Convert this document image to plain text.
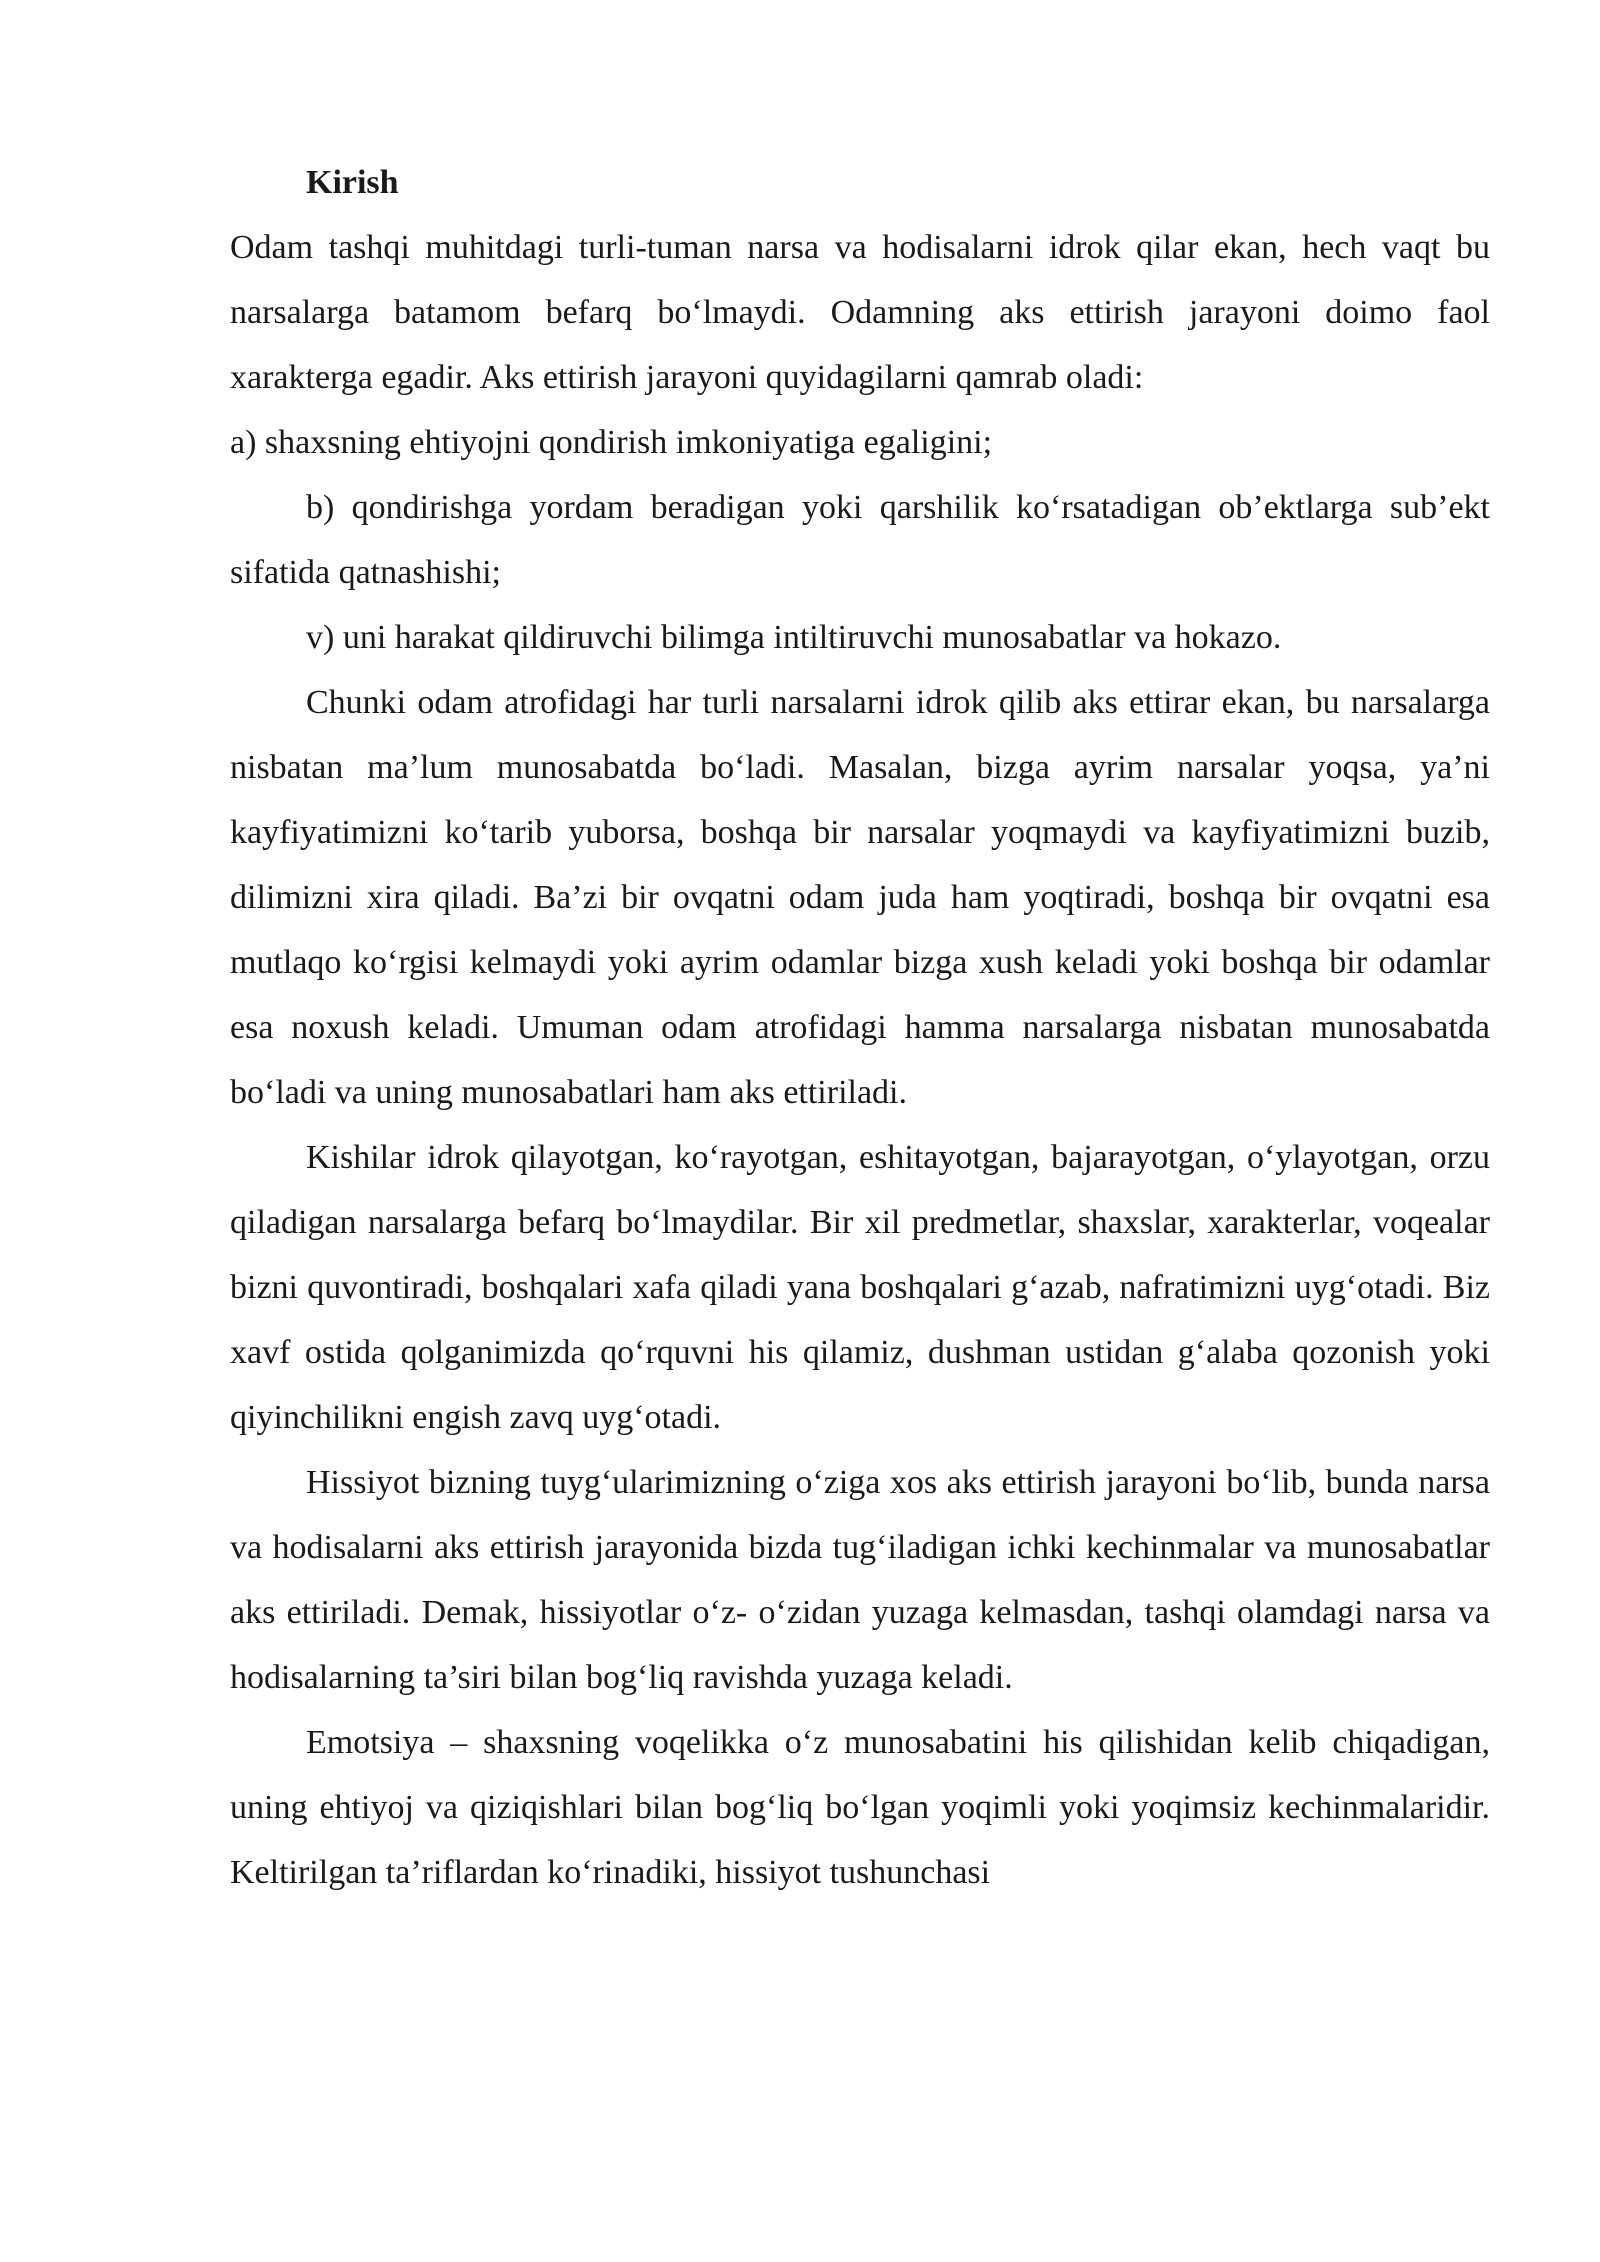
Kirish

Odam tashqi muhitdagi turli-tuman narsa va hodisalarni idrok qilar ekan, hech vaqt bu narsalarga batamom befarq bo‘lmaydi. Odamning aks ettirish jarayoni doimo faol xarakterga egadir. Aks ettirish jarayoni quyidagilarni qamrab oladi:

a) shaxsning ehtiyojni qondirish imkoniyatiga egaligini;

b) qondirishga yordam beradigan yoki qarshilik ko‘rsatadigan ob’ektlarga sub’ekt sifatida qatnashishi;

v) uni harakat qildiruvchi bilimga intiltiruvchi munosabatlar va hokazo.

Chunki odam atrofidagi har turli narsalarni idrok qilib aks ettirar ekan, bu narsalarga nisbatan ma’lum munosabatda bo‘ladi. Masalan, bizga ayrim narsalar yoqsa, ya’ni kayfiyatimizni ko‘tarib yuborsa, boshqa bir narsalar yoqmaydi va kayfiyatimizni buzib, dilimizni xira qiladi. Ba’zi bir ovqatni odam juda ham yoqtiradi, boshqa bir ovqatni esa mutlaqo ko‘rgisi kelmaydi yoki ayrim odamlar bizga xush keladi yoki boshqa bir odamlar esa noxush keladi. Umuman odam atrofidagi hamma narsalarga nisbatan munosabatda bo‘ladi va uning munosabatlari ham aks ettiriladi.

Kishilar idrok qilayotgan, ko‘rayotgan, eshitayotgan, bajarayotgan, o‘ylayotgan, orzu qiladigan narsalarga befarq bo‘lmaydilar. Bir xil predmetlar, shaxslar, xarakterlar, voqealar bizni quvontiradi, boshqalari xafa qiladi yana boshqalari g‘azab, nafratimizni uyg‘otadi. Biz xavf ostida qolganimizda qo‘rquvni his qilamiz, dushman ustidan g‘alaba qozonish yoki qiyinchilikni engish zavq uyg‘otadi.

Hissiyot bizning tuyg‘ularimizning o‘ziga xos aks ettirish jarayoni bo‘lib, bunda narsa va hodisalarni aks ettirish jarayonida bizda tug‘iladigan ichki kechinmalar va munosabatlar aks ettiriladi. Demak, hissiyotlar o‘z- o‘zidan yuzaga kelmasdan, tashqi olamdagi narsa va hodisalarning ta’siri bilan bog‘liq ravishda yuzaga keladi.

Emotsiya – shaxsning voqelikka o‘z munosabatini his qilishidan kelib chiqadigan, uning ehtiyoj va qiziqishlari bilan bog‘liq bo‘lgan yoqimli yoki yoqimsiz kechinmalaridir. Keltirilgan ta’riflardan ko‘rinadiki, hissiyot tushunchasi
